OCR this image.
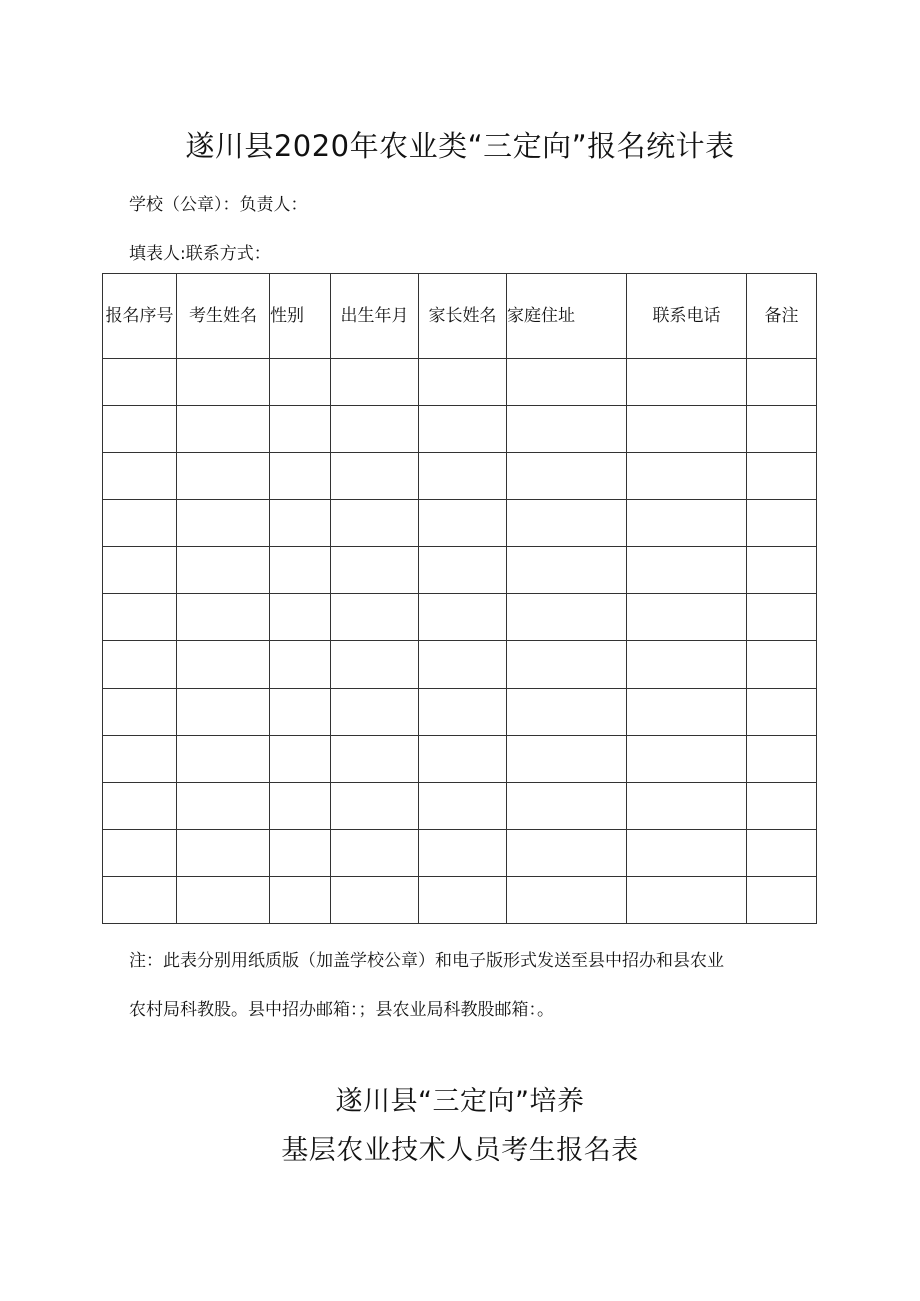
遂川县2020年农业类“三定向”报名统计表
学校（公章）：负责人：
填表人:联系方式：
报名序号	考生姓名	性别	出生年月	家长姓名	家庭住址	联系电话	备注

注：此表分别用纸质版（加盖学校公章）和电子版形式发送至县中招办和县农业
农村局科教股。县中招办邮箱：；县农业局科教股邮箱：。
遂川县“三定向”培养
基层农业技术人员考生报名表
